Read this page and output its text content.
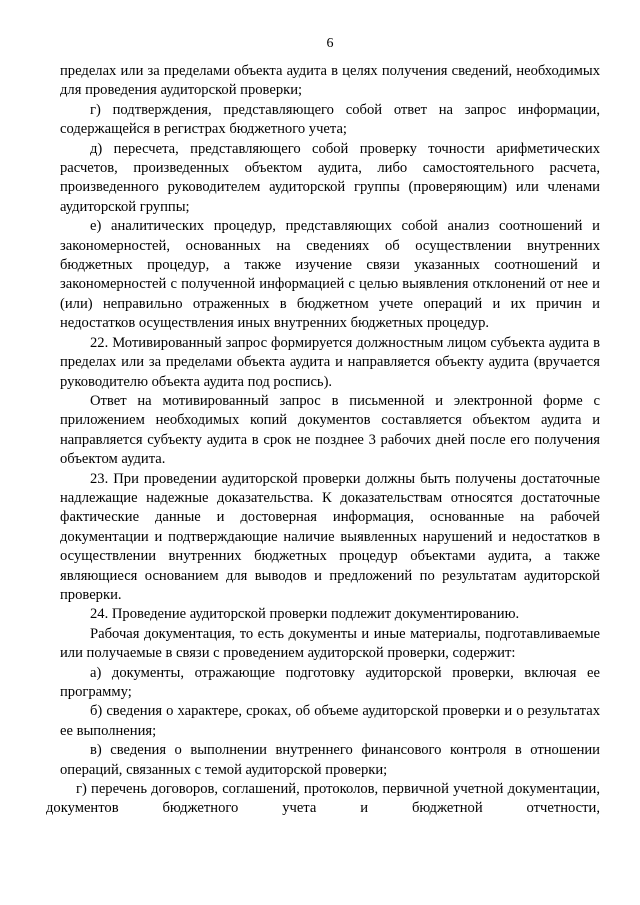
6

пределах или за пределами объекта аудита в целях получения сведений, необходимых для проведения аудиторской проверки;

г) подтверждения, представляющего собой ответ на запрос информации, содержащейся в регистрах бюджетного учета;

д) пересчета, представляющего собой проверку точности арифметических расчетов, произведенных объектом аудита, либо самостоятельного расчета, произведенного руководителем аудиторской группы (проверяющим) или членами аудиторской группы;

е) аналитических процедур, представляющих собой анализ соотношений и закономерностей, основанных на сведениях об осуществлении внутренних бюджетных процедур, а также изучение связи указанных соотношений и закономерностей с полученной информацией с целью выявления отклонений от нее и (или) неправильно отраженных в бюджетном учете операций и их причин и недостатков осуществления иных внутренних бюджетных процедур.

22. Мотивированный запрос формируется должностным лицом субъекта аудита в пределах или за пределами объекта аудита и направляется объекту аудита (вручается руководителю объекта аудита под роспись).

Ответ на мотивированный запрос в письменной и электронной форме с приложением необходимых копий документов составляется объектом аудита и направляется субъекту аудита в срок не позднее 3 рабочих дней после его получения объектом аудита.

23. При проведении аудиторской проверки должны быть получены достаточные надлежащие надежные доказательства. К доказательствам относятся достаточные фактические данные и достоверная информация, основанные на рабочей документации и подтверждающие наличие выявленных нарушений и недостатков в осуществлении внутренних бюджетных процедур объектами аудита, а также являющиеся основанием для выводов и предложений по результатам аудиторской проверки.

24. Проведение аудиторской проверки подлежит документированию.

Рабочая документация, то есть документы и иные материалы, подготавливаемые или получаемые в связи с проведением аудиторской проверки, содержит:

а) документы, отражающие подготовку аудиторской проверки, включая ее программу;

б) сведения о характере, сроках, об объеме аудиторской проверки и о результатах ее выполнения;

в) сведения о выполнении внутреннего финансового контроля в отношении операций, связанных с темой аудиторской проверки;

г) перечень договоров, соглашений, протоколов, первичной учетной документации, документов бюджетного учета и бюджетной отчетности,
